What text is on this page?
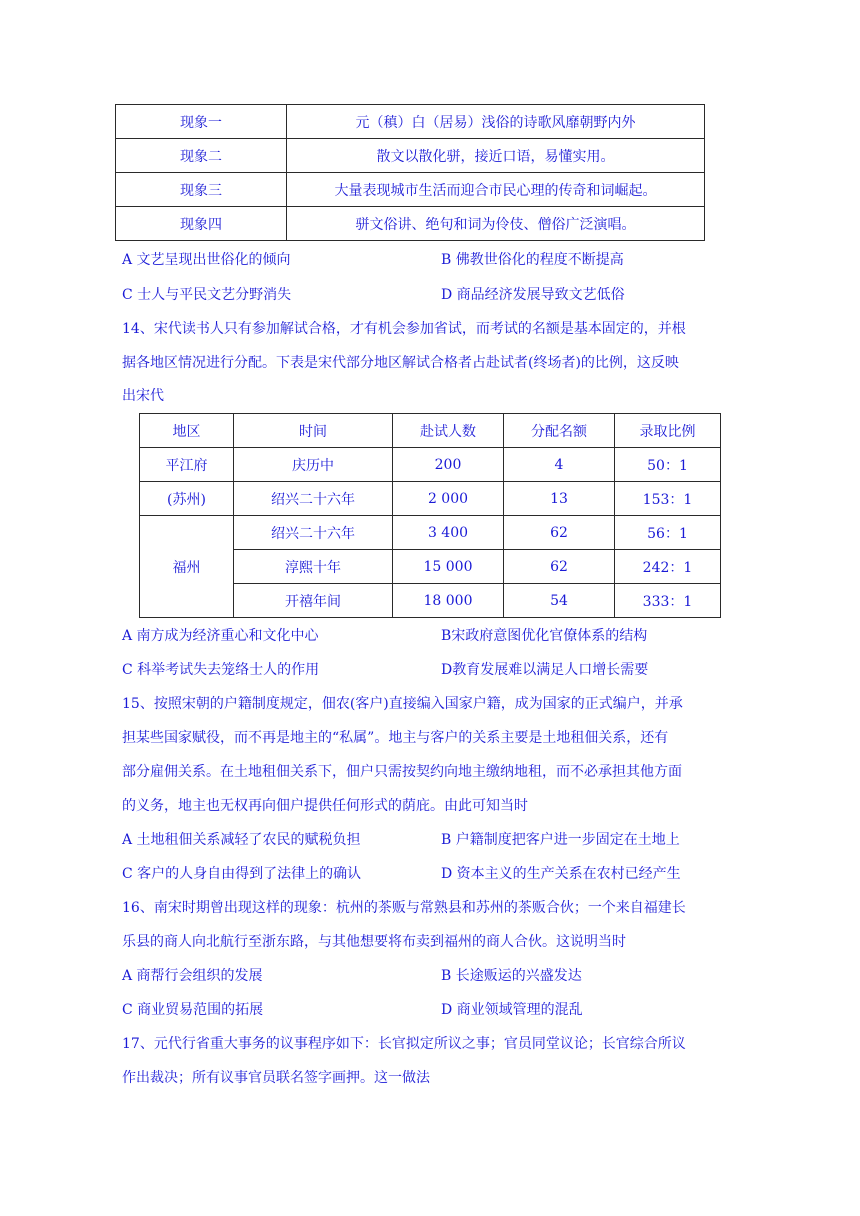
现象一	元（稹）白（居易）浅俗的诗歌风靡朝野内外
现象二	散文以散化骈，接近口语，易懂实用。
现象三	大量表现城市生活而迎合市民心理的传奇和词崛起。
现象四	骈文俗讲、绝句和词为伶伎、僧俗广泛演唱。
A 文艺呈现出世俗化的倾向	B 佛教世俗化的程度不断提高
C 士人与平民文艺分野消失	D 商品经济发展导致文艺低俗
14、宋代读书人只有参加解试合格，才有机会参加省试，而考试的名额是基本固定的，并根
据各地区情况进行分配。下表是宋代部分地区解试合格者占赴试者(终场者)的比例，这反映
出宋代
地区	时间	赴试人数	分配名额	录取比例
平江府	庆历中	200	4	50：1
(苏州)	绍兴二十六年	2 000	13	153：1
福州	绍兴二十六年	3 400	62	56：1
	淳熙十年	15 000	62	242：1
	开禧年间	18 000	54	333：1
A 南方成为经济重心和文化中心	B宋政府意图优化官僚体系的结构
C 科举考试失去笼络士人的作用	D教育发展难以满足人口增长需要
15、按照宋朝的户籍制度规定，佃农(客户)直接编入国家户籍，成为国家的正式编户，并承
担某些国家赋役，而不再是地主的“私属”。地主与客户的关系主要是土地租佃关系，还有
部分雇佣关系。在土地租佃关系下，佃户只需按契约向地主缴纳地租，而不必承担其他方面
的义务，地主也无权再向佃户提供任何形式的荫庇。由此可知当时
A 土地租佃关系减轻了农民的赋税负担	B 户籍制度把客户进一步固定在土地上
C 客户的人身自由得到了法律上的确认	D 资本主义的生产关系在农村已经产生
16、南宋时期曾出现这样的现象：杭州的茶贩与常熟县和苏州的茶贩合伙；一个来自福建长
乐县的商人向北航行至浙东路，与其他想要将布卖到福州的商人合伙。这说明当时
A 商帮行会组织的发展	B 长途贩运的兴盛发达
C 商业贸易范围的拓展	D 商业领域管理的混乱
17、元代行省重大事务的议事程序如下：长官拟定所议之事；官员同堂议论；长官综合所议
作出裁决；所有议事官员联名签字画押。这一做法
